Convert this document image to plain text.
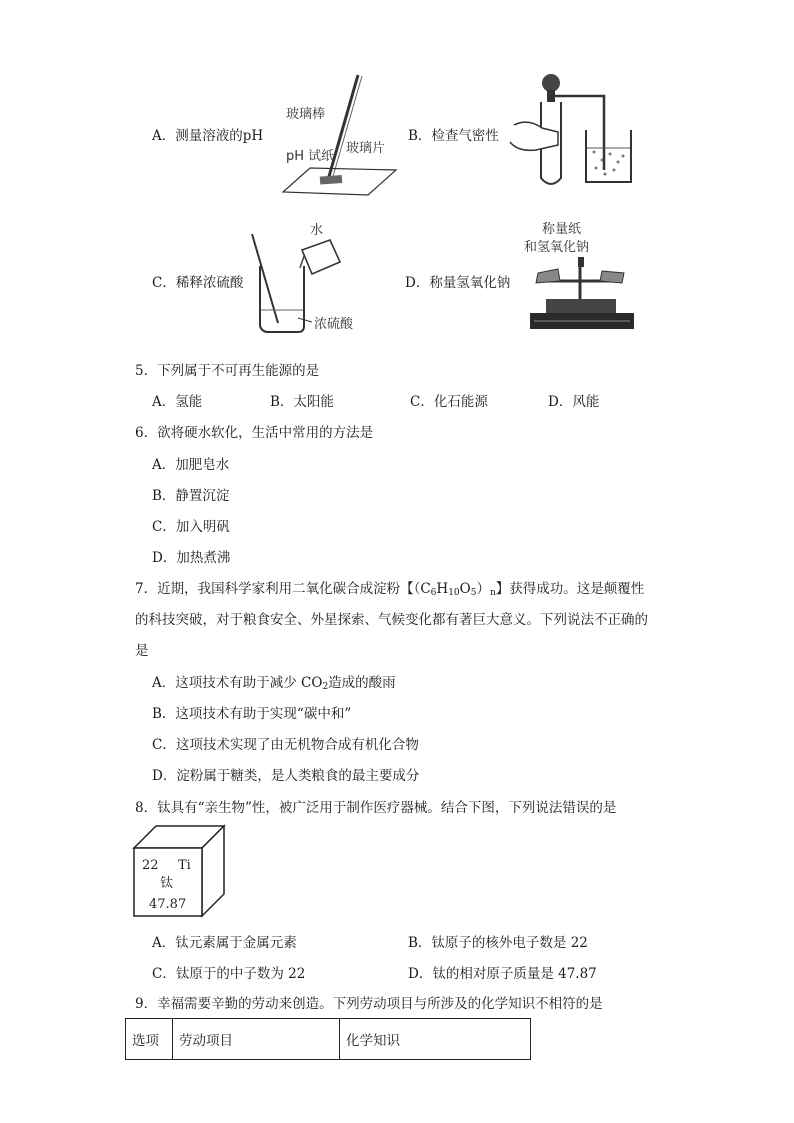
A．测量溶液的pH	B．检查气密性
C．稀释浓硫酸	D．称量氢氧化钠
玻璃棒
pH 试纸
玻璃片
水
浓硫酸
称量纸
和氢氧化钠
5．下列属于不可再生能源的是
A．氢能	B．太阳能	C．化石能源	D．风能
6．欲将硬水软化，生活中常用的方法是
A．加肥皂水
B．静置沉淀
C．加入明矾
D．加热煮沸
7．近期，我国科学家利用二氧化碳合成淀粉【$(C_6H_{10}O_5)_n$】获得成功。这是颠覆性
的科技突破，对于粮食安全、外星探索、气候变化都有著巨大意义。下列说法不正确的
是
A．这项技术有助于减少 $CO_2$造成的酸雨
B．这项技术有助于实现“碳中和”
C．这项技术实现了由无机物合成有机化合物
D．淀粉属于糖类，是人类粮食的最主要成分
8．钛具有“亲生物”性，被广泛用于制作医疗器械。结合下图，下列说法错误的是
22 Ti
钛
47.87
A．钛元素属于金属元素	B．钛原子的核外电子数是 22
C．钛原于的中子数为 22	D．钛的相对原子质量是 47.87
9．幸福需要辛勤的劳动来创造。下列劳动项目与所涉及的化学知识不相符的是
选项	劳动项目	化学知识
